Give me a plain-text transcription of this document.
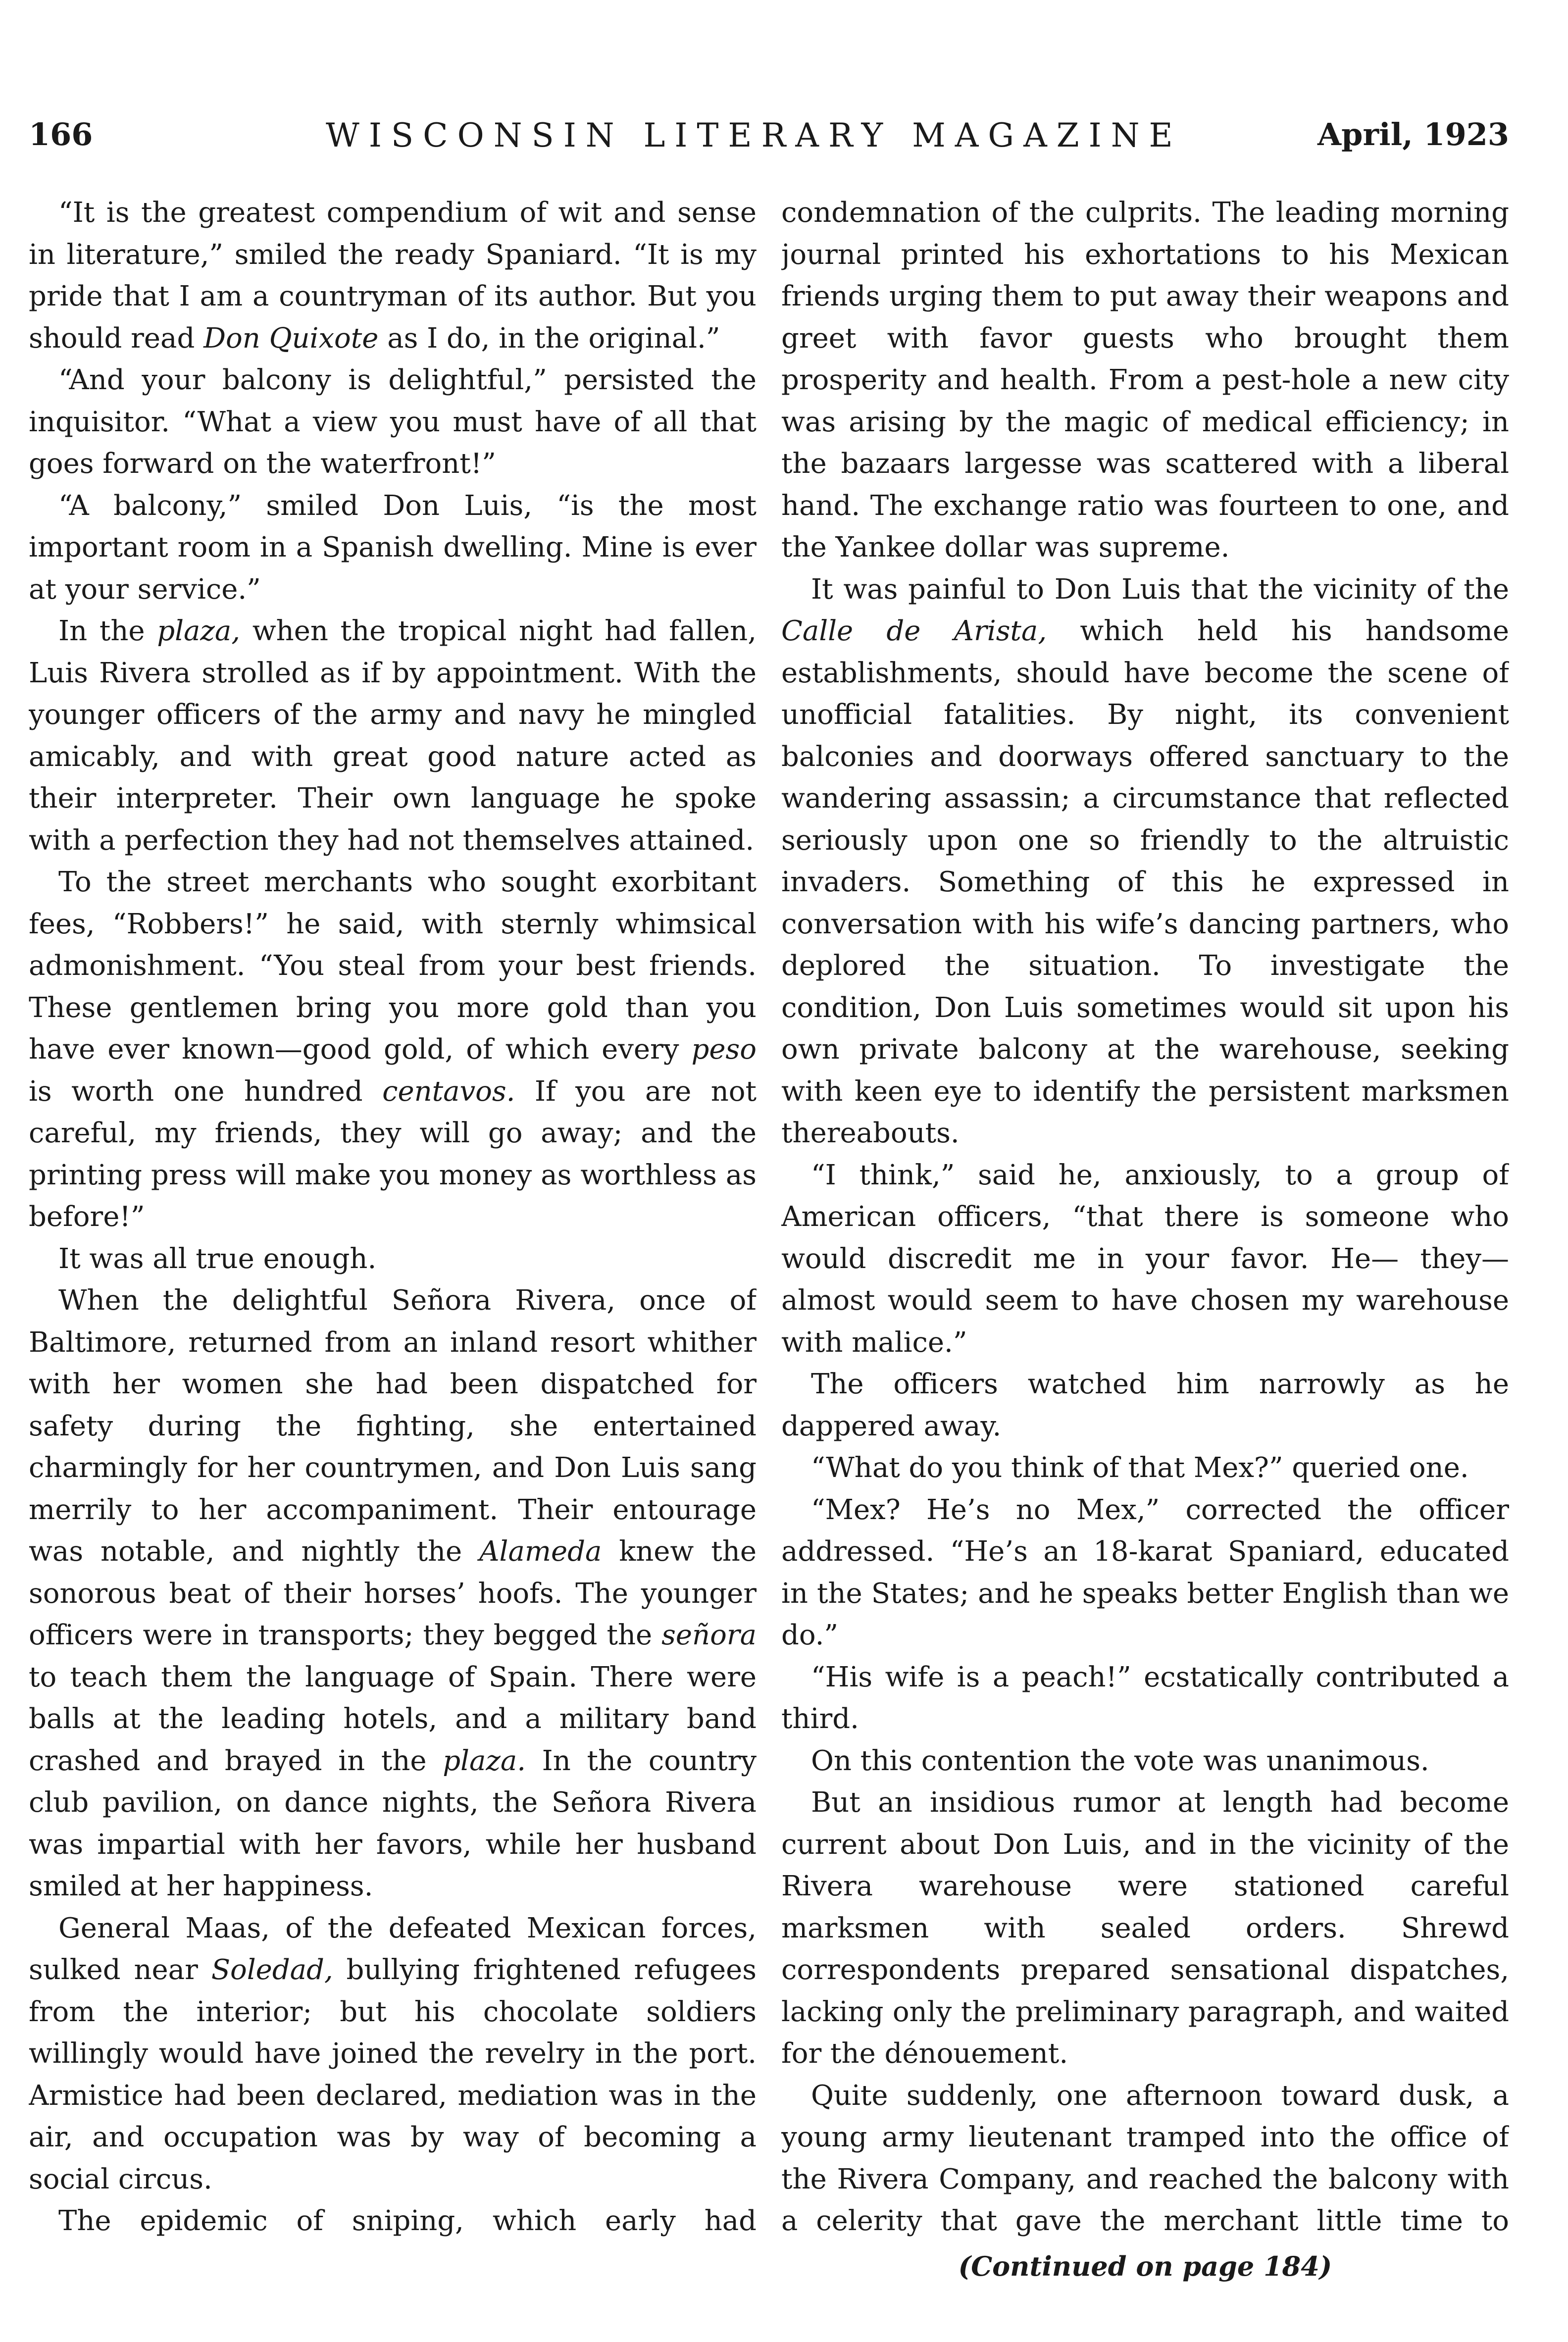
166	WISCONSIN LITERARY MAGAZINE	April, 1923

“It is the greatest compendium of wit and sense in literature,” smiled the ready Spaniard. “It is my pride that I am a countryman of its author. But you should read Don Quixote as I do, in the original.”

“And your balcony is delightful,” persisted the inquisitor. “What a view you must have of all that goes forward on the waterfront!”

“A balcony,” smiled Don Luis, “is the most important room in a Spanish dwelling. Mine is ever at your service.”

In the plaza, when the tropical night had fallen, Luis Rivera strolled as if by appointment. With the younger officers of the army and navy he mingled amicably, and with great good nature acted as their interpreter. Their own language he spoke with a perfection they had not themselves attained.

To the street merchants who sought exorbitant fees, “Robbers!” he said, with sternly whimsical admonishment. “You steal from your best friends. These gentlemen bring you more gold than you have ever known—good gold, of which every peso is worth one hundred centavos. If you are not careful, my friends, they will go away; and the printing press will make you money as worthless as before!”

It was all true enough.

When the delightful Señora Rivera, once of Baltimore, returned from an inland resort whither with her women she had been dispatched for safety during the fighting, she entertained charmingly for her countrymen, and Don Luis sang merrily to her accompaniment. Their entourage was notable, and nightly the Alameda knew the sonorous beat of their horses’ hoofs. The younger officers were in transports; they begged the señora to teach them the language of Spain. There were balls at the leading hotels, and a military band crashed and brayed in the plaza. In the country club pavilion, on dance nights, the Señora Rivera was impartial with her favors, while her husband smiled at her happiness.

General Maas, of the defeated Mexican forces, sulked near Soledad, bullying frightened refugees from the interior; but his chocolate soldiers willingly would have joined the revelry in the port. Armistice had been declared, mediation was in the air, and occupation was by way of becoming a social circus.

The epidemic of sniping, which early had

condemnation of the culprits. The leading morning journal printed his exhortations to his Mexican friends urging them to put away their weapons and greet with favor guests who brought them prosperity and health. From a pest-hole a new city was arising by the magic of medical efficiency; in the bazaars largesse was scattered with a liberal hand. The exchange ratio was fourteen to one, and the Yankee dollar was supreme.

It was painful to Don Luis that the vicinity of the Calle de Arista, which held his handsome establishments, should have become the scene of unofficial fatalities. By night, its convenient balconies and doorways offered sanctuary to the wandering assassin; a circumstance that reflected seriously upon one so friendly to the altruistic invaders. Something of this he expressed in conversation with his wife’s dancing partners, who deplored the situation. To investigate the condition, Don Luis sometimes would sit upon his own private balcony at the warehouse, seeking with keen eye to identify the persistent marksmen thereabouts.

“I think,” said he, anxiously, to a group of American officers, “that there is someone who would discredit me in your favor. He— they— almost would seem to have chosen my warehouse with malice.”

The officers watched him narrowly as he dappered away.

“What do you think of that Mex?” queried one.

“Mex? He’s no Mex,” corrected the officer addressed. “He’s an 18-karat Spaniard, educated in the States; and he speaks better English than we do.”

“His wife is a peach!” ecstatically contributed a third.

On this contention the vote was unanimous.

But an insidious rumor at length had become current about Don Luis, and in the vicinity of the Rivera warehouse were stationed careful marksmen with sealed orders. Shrewd correspondents prepared sensational dispatches, lacking only the preliminary paragraph, and waited for the dénouement.

Quite suddenly, one afternoon toward dusk, a young army lieutenant tramped into the office of the Rivera Company, and reached the balcony with a celerity that gave the merchant little time to

(Continued on page 184)
